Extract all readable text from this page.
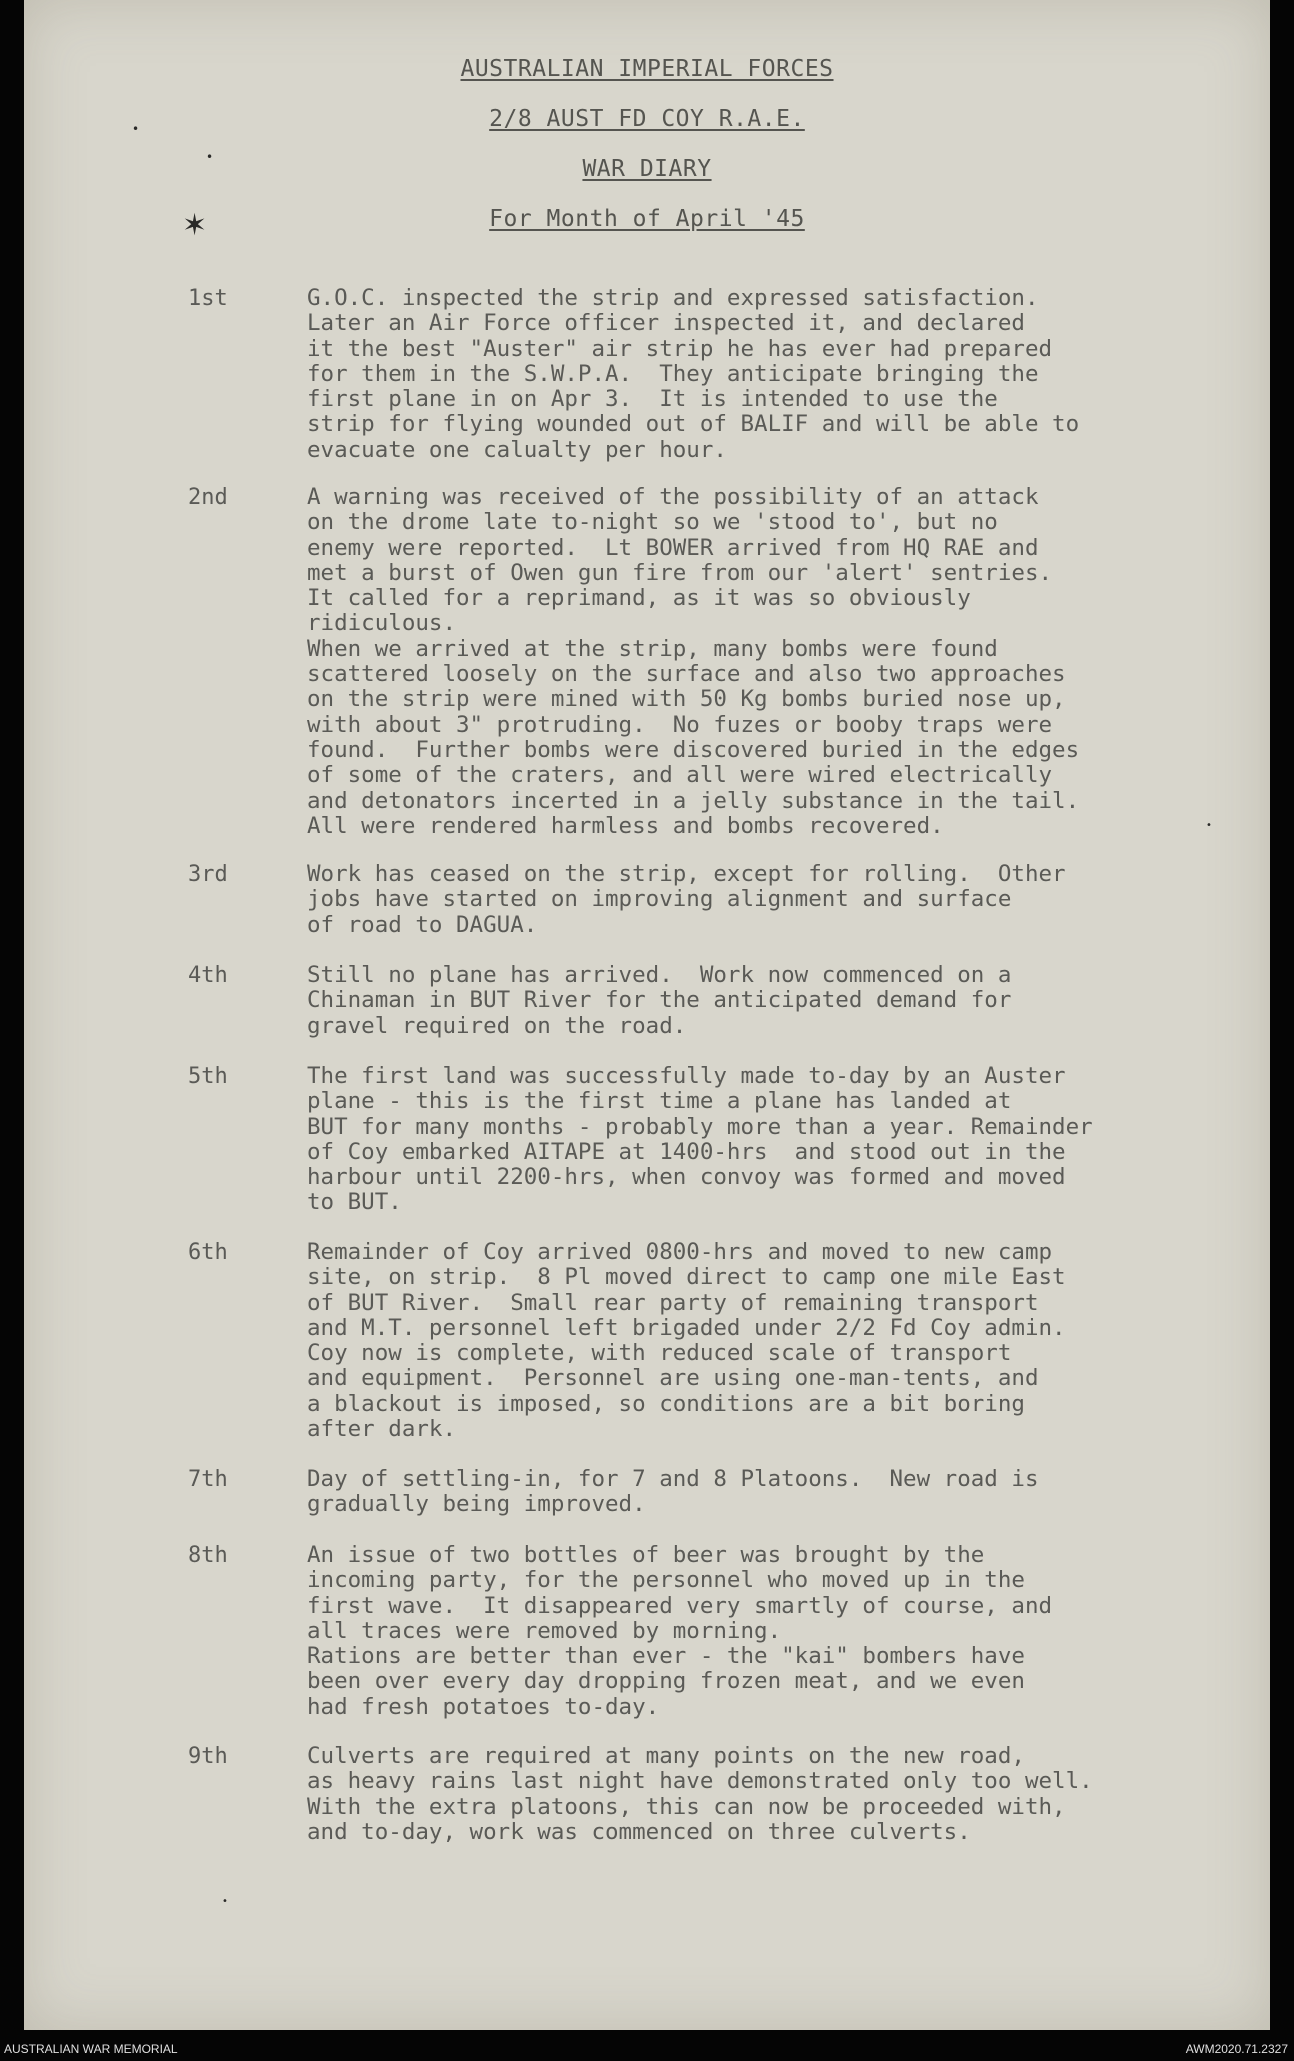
AUSTRALIAN IMPERIAL FORCES
2/8 AUST FD COY R.A.E.
WAR DIARY
For Month of April '45
•
•
✶
1st	G.O.C. inspected the strip and expressed satisfaction.
Later an Air Force officer inspected it, and declared
it the best "Auster" air strip he has ever had prepared
for them in the S.W.P.A.  They anticipate bringing the
first plane in on Apr 3.  It is intended to use the
strip for flying wounded out of BALIF and will be able to
evacuate one calualty per hour.
2nd	A warning was received of the possibility of an attack
on the drome late to-night so we 'stood to', but no
enemy were reported.  Lt BOWER arrived from HQ RAE and
met a burst of Owen gun fire from our 'alert' sentries.
It called for a reprimand, as it was so obviously
ridiculous.
When we arrived at the strip, many bombs were found
scattered loosely on the surface and also two approaches
on the strip were mined with 50 Kg bombs buried nose up,
with about 3" protruding.  No fuzes or booby traps were
found.  Further bombs were discovered buried in the edges
of some of the craters, and all were wired electrically
and detonators incerted in a jelly substance in the tail.
All were rendered harmless and bombs recovered.
3rd	Work has ceased on the strip, except for rolling.  Other
jobs have started on improving alignment and surface
of road to DAGUA.
4th	Still no plane has arrived.  Work now commenced on a
Chinaman in BUT River for the anticipated demand for
gravel required on the road.
5th	The first land was successfully made to-day by an Auster
plane - this is the first time a plane has landed at
BUT for many months - probably more than a year. Remainder
of Coy embarked AITAPE at 1400-hrs  and stood out in the
harbour until 2200-hrs, when convoy was formed and moved
to BUT.
6th	Remainder of Coy arrived 0800-hrs and moved to new camp
site, on strip.  8 Pl moved direct to camp one mile East
of BUT River.  Small rear party of remaining transport
and M.T. personnel left brigaded under 2/2 Fd Coy admin.
Coy now is complete, with reduced scale of transport
and equipment.  Personnel are using one-man-tents, and
a blackout is imposed, so conditions are a bit boring
after dark.
7th	Day of settling-in, for 7 and 8 Platoons.  New road is
gradually being improved.
8th	An issue of two bottles of beer was brought by the
incoming party, for the personnel who moved up in the
first wave.  It disappeared very smartly of course, and
all traces were removed by morning.
Rations are better than ever - the "kai" bombers have
been over every day dropping frozen meat, and we even
had fresh potatoes to-day.
9th	Culverts are required at many points on the new road,
as heavy rains last night have demonstrated only too well.
With the extra platoons, this can now be proceeded with,
and to-day, work was commenced on three culverts.
•
•
AUSTRALIAN WAR MEMORIAL	AWM2020.71.2327
